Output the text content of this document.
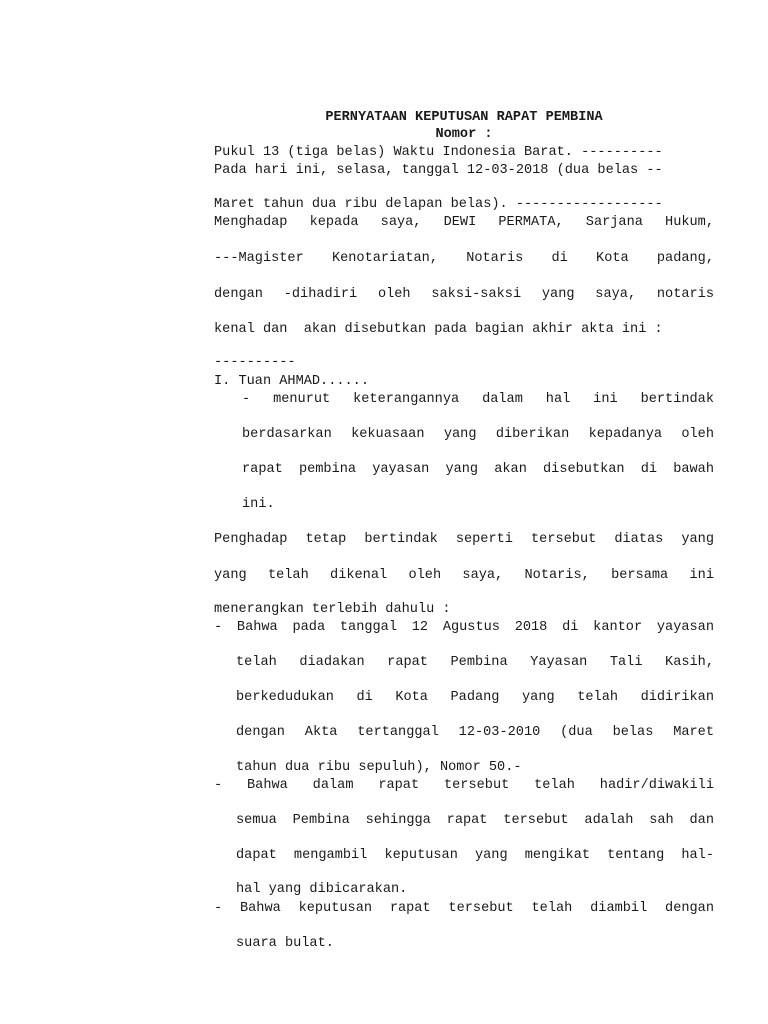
PERNYATAAN KEPUTUSAN RAPAT PEMBINA

Nomor :

Pukul 13 (tiga belas) Waktu Indonesia Barat. ----------

Pada hari ini, selasa, tanggal 12-03-2018 (dua belas --

Maret tahun dua ribu delapan belas). ------------------

Menghadap kepada saya, DEWI PERMATA, Sarjana Hukum,

---Magister Kenotariatan, Notaris di Kota padang,

dengan -dihadiri oleh saksi-saksi yang saya, notaris

kenal dan  akan disebutkan pada bagian akhir akta ini :

----------

I. Tuan AHMAD......

- menurut keterangannya dalam hal ini bertindak

berdasarkan kekuasaan yang diberikan kepadanya oleh

rapat pembina yayasan yang akan disebutkan di bawah

ini.

Penghadap tetap bertindak seperti tersebut diatas yang

yang telah dikenal oleh saya, Notaris, bersama ini

menerangkan terlebih dahulu :

- Bahwa pada tanggal 12 Agustus 2018 di kantor yayasan

telah diadakan rapat Pembina Yayasan Tali Kasih,

berkedudukan di Kota Padang yang telah didirikan

dengan Akta tertanggal 12-03-2010 (dua belas Maret

tahun dua ribu sepuluh), Nomor 50.-

- Bahwa dalam rapat tersebut telah hadir/diwakili

semua Pembina sehingga rapat tersebut adalah sah dan

dapat mengambil keputusan yang mengikat tentang hal-

hal yang dibicarakan.

- Bahwa keputusan rapat tersebut telah diambil dengan

suara bulat.
